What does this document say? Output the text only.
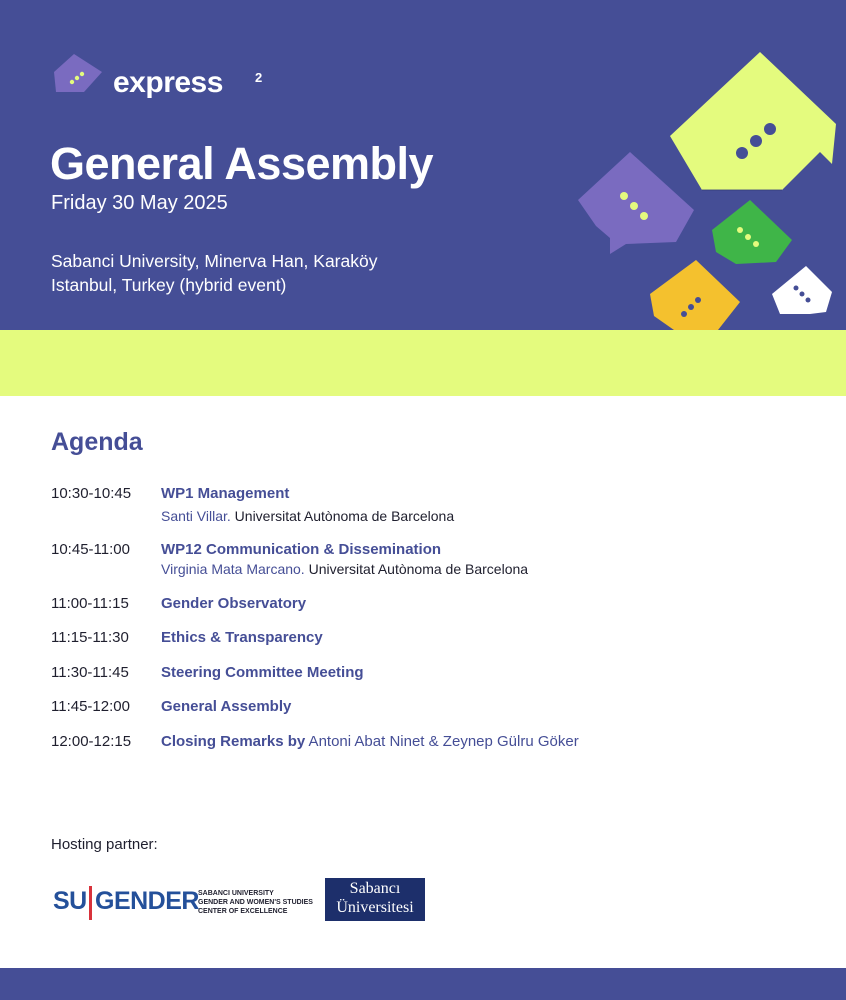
express 2
General Assembly
Friday 30 May 2025
Sabanci University, Minerva Han, Karaköy
Istanbul, Turkey (hybrid event)
Agenda
10:30-10:45 WP1 Management
Santi Villar. Universitat Autònoma de Barcelona
10:45-11:00 WP12 Communication & Dissemination
Virginia Mata Marcano. Universitat Autònoma de Barcelona
11:00-11:15 Gender Observatory
11:15-11:30 Ethics & Transparency
11:30-11:45 Steering Committee Meeting
11:45-12:00 General Assembly
12:00-12:15 Closing Remarks by Antoni Abat Ninet & Zeynep Gülru Göker
Hosting partner:
SU GENDER SABANCI UNIVERSITY
GENDER AND WOMEN'S STUDIES
CENTER OF EXCELLENCE
Sabancı
Üniversitesi
